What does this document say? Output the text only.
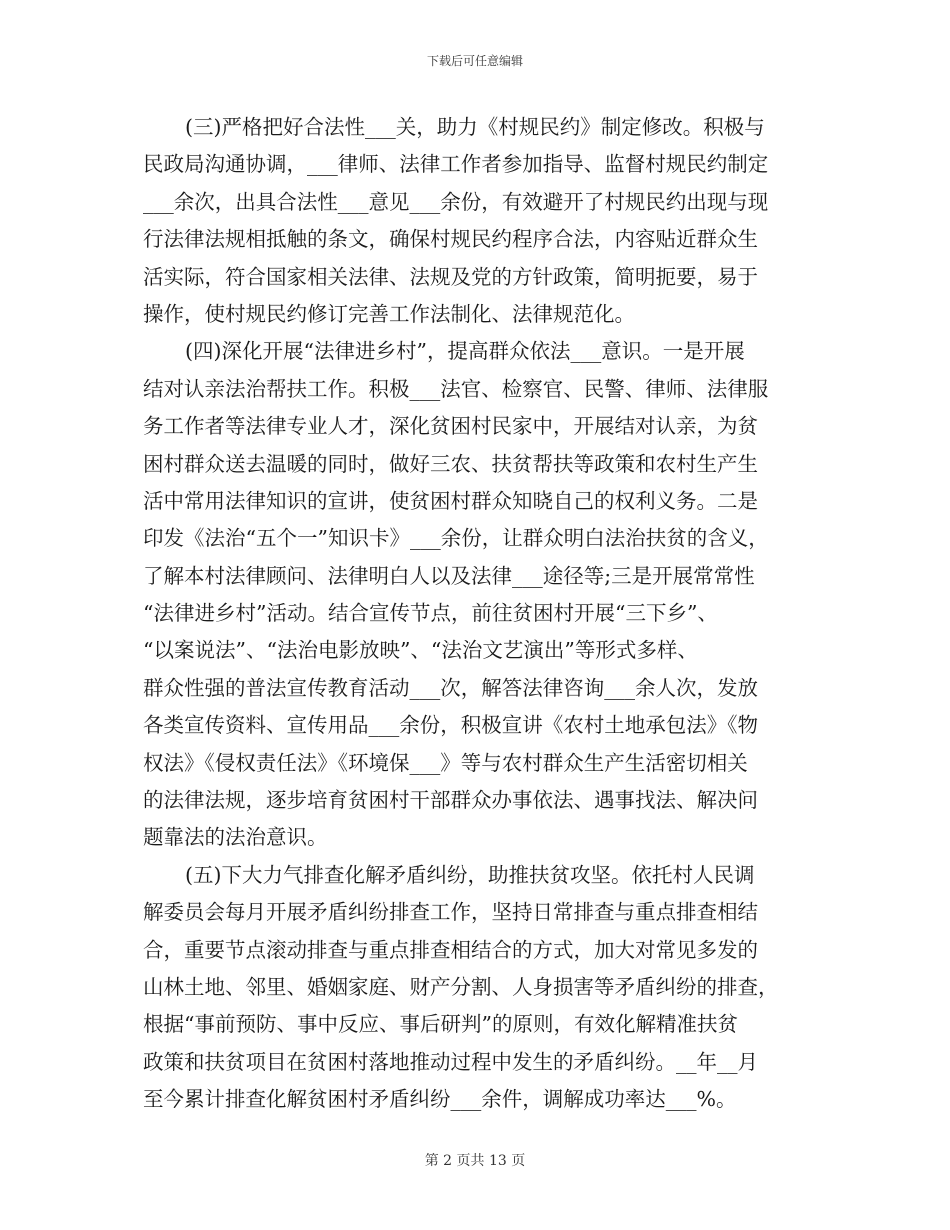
下载后可任意编辑
(三)严格把好合法性___关，助力《村规民约》制定修改。积极与
民政局沟通协调，___律师、法律工作者参加指导、监督村规民约制定
___余次，出具合法性___意见___余份，有效避开了村规民约出现与现
行法律法规相抵触的条文，确保村规民约程序合法，内容贴近群众生
活实际，符合国家相关法律、法规及党的方针政策，简明扼要，易于
操作，使村规民约修订完善工作法制化、法律规范化。
(四)深化开展“法律进乡村”，提高群众依法___意识。一是开展
结对认亲法治帮扶工作。积极___法官、检察官、民警、律师、法律服
务工作者等法律专业人才，深化贫困村民家中，开展结对认亲，为贫
困村群众送去温暖的同时，做好三农、扶贫帮扶等政策和农村生产生
活中常用法律知识的宣讲，使贫困村群众知晓自己的权利义务。二是
印发《法治“五个一”知识卡》___余份，让群众明白法治扶贫的含义，
了解本村法律顾问、法律明白人以及法律___途径等;三是开展常常性
“法律进乡村”活动。结合宣传节点，前往贫困村开展“三下乡”、
“以案说法”、“法治电影放映”、“法治文艺演出”等形式多样、
群众性强的普法宣传教育活动___次，解答法律咨询___余人次，发放
各类宣传资料、宣传用品___余份，积极宣讲《农村土地承包法》《物
权法》《侵权责任法》《环境保___》等与农村群众生产生活密切相关
的法律法规，逐步培育贫困村干部群众办事依法、遇事找法、解决问
题靠法的法治意识。
(五)下大力气排查化解矛盾纠纷，助推扶贫攻坚。依托村人民调
解委员会每月开展矛盾纠纷排查工作，坚持日常排查与重点排查相结
合，重要节点滚动排查与重点排查相结合的方式，加大对常见多发的
山林土地、邻里、婚姻家庭、财产分割、人身损害等矛盾纠纷的排查，
根据“事前预防、事中反应、事后研判”的原则，有效化解精准扶贫
政策和扶贫项目在贫困村落地推动过程中发生的矛盾纠纷。__年__月
至今累计排查化解贫困村矛盾纠纷___余件，调解成功率达___%。
第 2 页共 13 页
